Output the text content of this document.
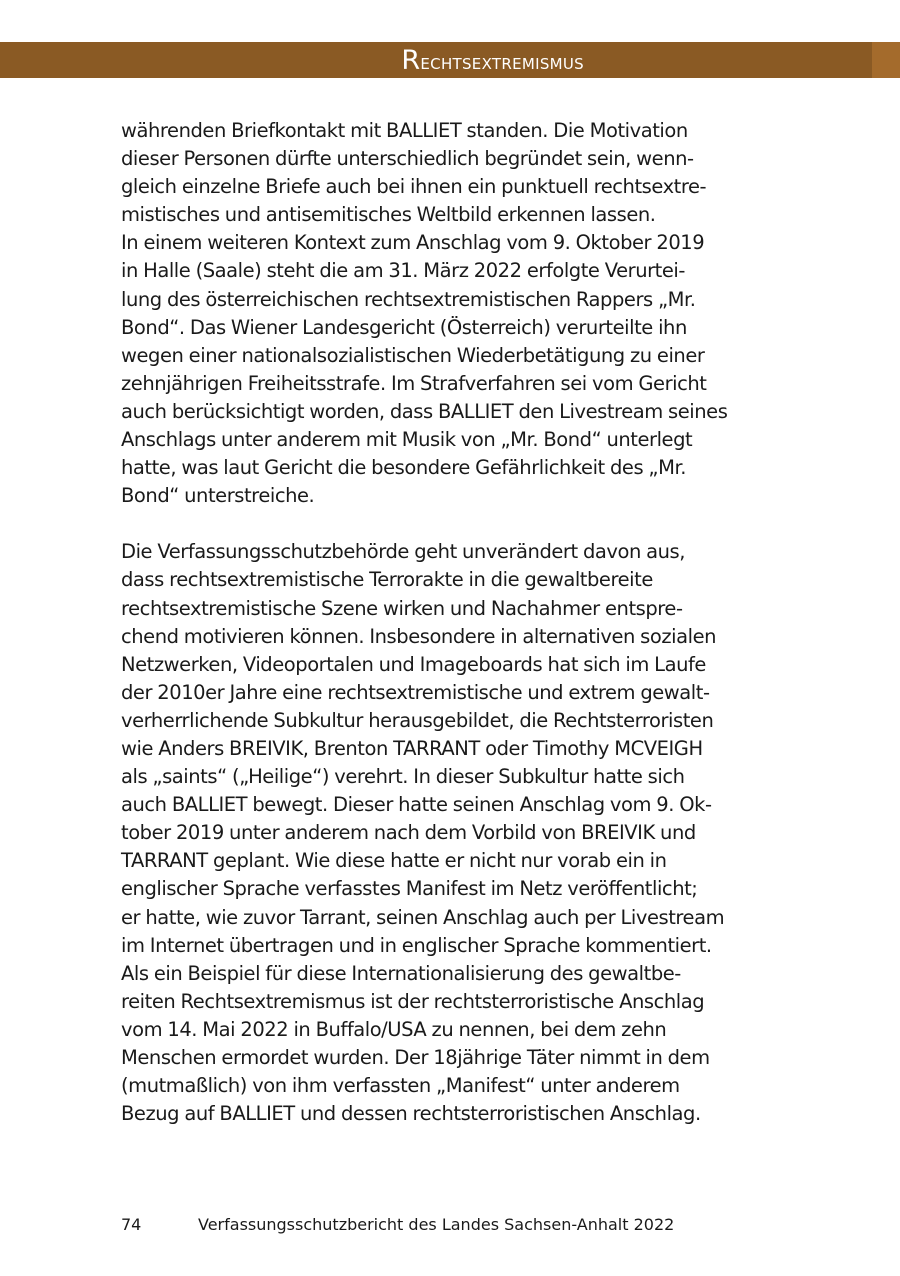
Rechtsextremismus

währenden Briefkontakt mit BALLIET standen. Die Motivation
dieser Personen dürfte unterschiedlich begründet sein, wenn-
gleich einzelne Briefe auch bei ihnen ein punktuell rechtsextre-
mistisches und antisemitisches Weltbild erkennen lassen.
In einem weiteren Kontext zum Anschlag vom 9. Oktober 2019
in Halle (Saale) steht die am 31. März 2022 erfolgte Verurtei-
lung des österreichischen rechtsextremistischen Rappers „Mr.
Bond“. Das Wiener Landesgericht (Österreich) verurteilte ihn
wegen einer nationalsozialistischen Wiederbetätigung zu einer
zehnjährigen Freiheitsstrafe. Im Strafverfahren sei vom Gericht
auch berücksichtigt worden, dass BALLIET den Livestream seines
Anschlags unter anderem mit Musik von „Mr. Bond“ unterlegt
hatte, was laut Gericht die besondere Gefährlichkeit des „Mr.
Bond“ unterstreiche.

Die Verfassungsschutzbehörde geht unverändert davon aus,
dass rechtsextremistische Terrorakte in die gewaltbereite
rechtsextremistische Szene wirken und Nachahmer entspre-
chend motivieren können. Insbesondere in alternativen sozialen
Netzwerken, Videoportalen und Imageboards hat sich im Laufe
der 2010er Jahre eine rechtsextremistische und extrem gewalt-
verherrlichende Subkultur herausgebildet, die Rechtsterroristen
wie Anders BREIVIK, Brenton TARRANT oder Timothy MCVEIGH
als „saints“ („Heilige“) verehrt. In dieser Subkultur hatte sich
auch BALLIET bewegt. Dieser hatte seinen Anschlag vom 9. Ok-
tober 2019 unter anderem nach dem Vorbild von BREIVIK und
TARRANT geplant. Wie diese hatte er nicht nur vorab ein in
englischer Sprache verfasstes Manifest im Netz veröffentlicht;
er hatte, wie zuvor Tarrant, seinen Anschlag auch per Livestream
im Internet übertragen und in englischer Sprache kommentiert.
Als ein Beispiel für diese Internationalisierung des gewaltbe-
reiten Rechtsextremismus ist der rechtsterroristische Anschlag
vom 14. Mai 2022 in Buffalo/USA zu nennen, bei dem zehn
Menschen ermordet wurden. Der 18jährige Täter nimmt in dem
(mutmaßlich) von ihm verfassten „Manifest“ unter anderem
Bezug auf BALLIET und dessen rechtsterroristischen Anschlag.

74	Verfassungsschutzbericht des Landes Sachsen-Anhalt 2022
